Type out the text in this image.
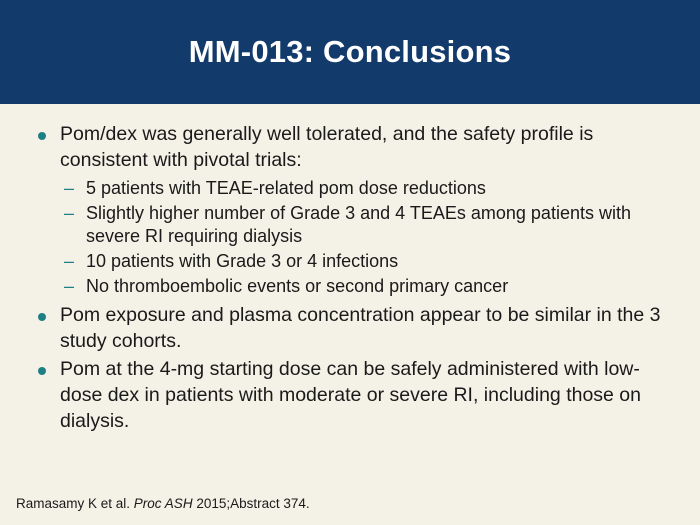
MM-013: Conclusions
Pom/dex was generally well tolerated, and the safety profile is consistent with pivotal trials:
– 5 patients with TEAE-related pom dose reductions
– Slightly higher number of Grade 3 and 4 TEAEs among patients with severe RI requiring dialysis
– 10 patients with Grade 3 or 4 infections
– No thromboembolic events or second primary cancer
Pom exposure and plasma concentration appear to be similar in the 3 study cohorts.
Pom at the 4-mg starting dose can be safely administered with low-dose dex in patients with moderate or severe RI, including those on dialysis.
Ramasamy K et al. Proc ASH 2015;Abstract 374.
